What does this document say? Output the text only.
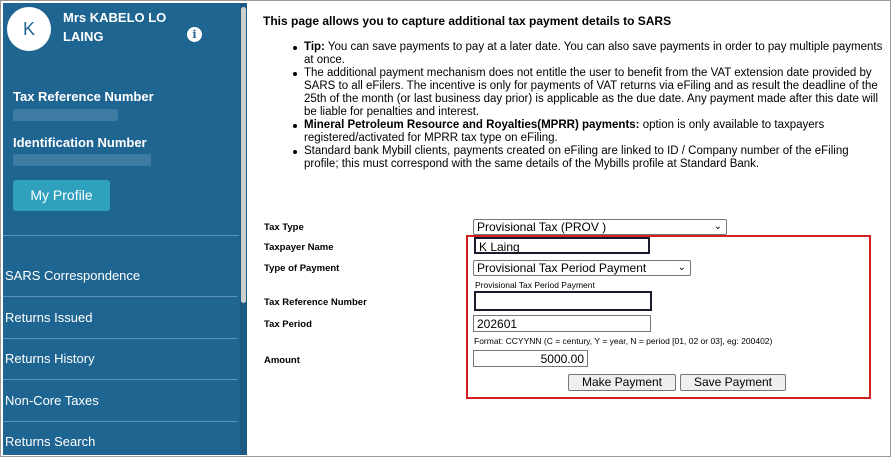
K
Mrs KABELO LO LAING	i
Tax Reference Number
Identification Number
My Profile
SARS Correspondence
Returns Issued
Returns History
Non-Core Taxes
Returns Search
This page allows you to capture additional tax payment details to SARS
Tip: You can save payments to pay at a later date. You can also save payments in order to pay multiple payments at once.
The additional payment mechanism does not entitle the user to benefit from the VAT extension date provided by SARS to all eFilers. The incentive is only for payments of VAT returns via eFiling and as result the deadline of the 25th of the month (or last business day prior) is applicable as the due date. Any payment made after this date will be liable for penalties and interest.
Mineral Petroleum Resource and Royalties(MPRR) payments: option is only available to taxpayers registered/activated for MPRR tax type on eFiling.
Standard bank Mybill clients, payments created on eFiling are linked to ID / Company number of the eFiling profile; this must correspond with the same details of the Mybills profile at Standard Bank.
Tax Type	Provisional Tax (PROV )	⌄
Taxpayer Name	K Laing
Type of Payment	Provisional Tax Period Payment	⌄
Provisional Tax Period Payment
Tax Reference Number
Tax Period	202601
Format: CCYYNN (C = century, Y = year, N = period [01, 02 or 03], eg: 200402)
Amount	5000.00
Make Payment	Save Payment
